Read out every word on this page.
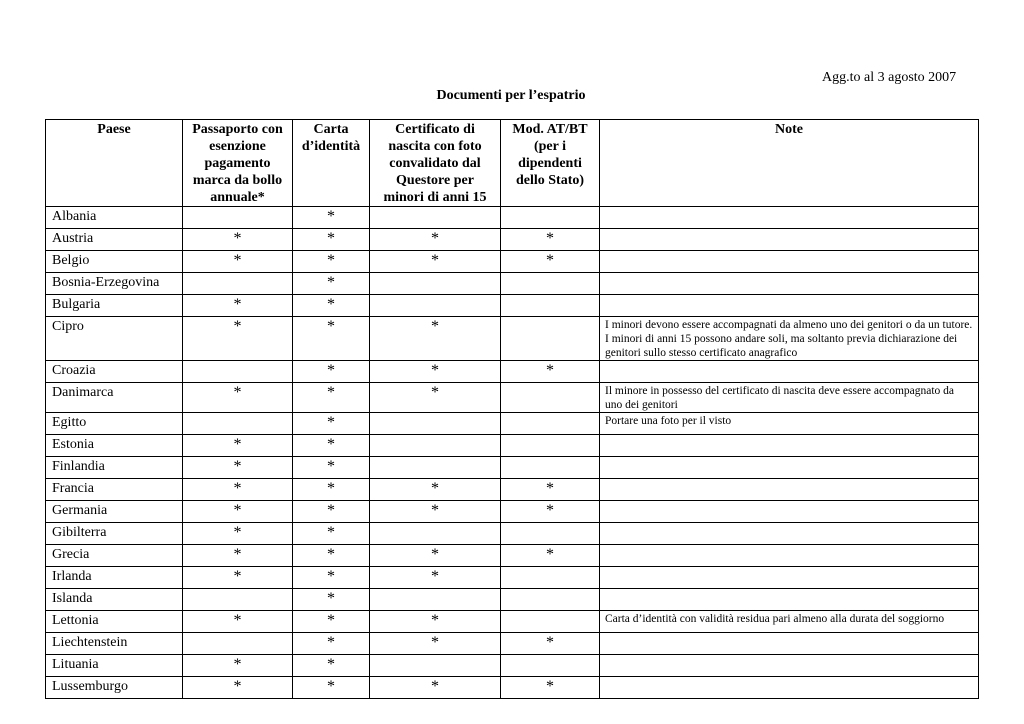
Agg.to al 3 agosto 2007
Documenti per l’espatrio
Paese	Passaporto con esenzione pagamento marca da bollo annuale*	Carta d’identità	Certificato di nascita con foto convalidato dal Questore per minori di anni 15	Mod. AT/BT (per i dipendenti dello Stato)	Note
Albania		*			
Austria	*	*	*	*	
Belgio	*	*	*	*	
Bosnia-Erzegovina		*			
Bulgaria	*	*			
Cipro	*	*	*		I minori devono essere accompagnati da almeno uno dei genitori o da un tutore. I minori di anni 15 possono andare soli, ma soltanto previa dichiarazione dei genitori sullo stesso certificato anagrafico
Croazia		*	*	*	
Danimarca	*	*	*		Il minore in possesso del certificato di nascita deve essere accompagnato da uno dei genitori
Egitto		*			Portare una foto per il visto
Estonia	*	*			
Finlandia	*	*			
Francia	*	*	*	*	
Germania	*	*	*	*	
Gibilterra	*	*			
Grecia	*	*	*	*	
Irlanda	*	*	*		
Islanda		*			
Lettonia	*	*	*		Carta d’identità con validità residua pari almeno alla durata del soggiorno
Liechtenstein		*	*	*	
Lituania	*	*			
Lussemburgo	*	*	*	*	
